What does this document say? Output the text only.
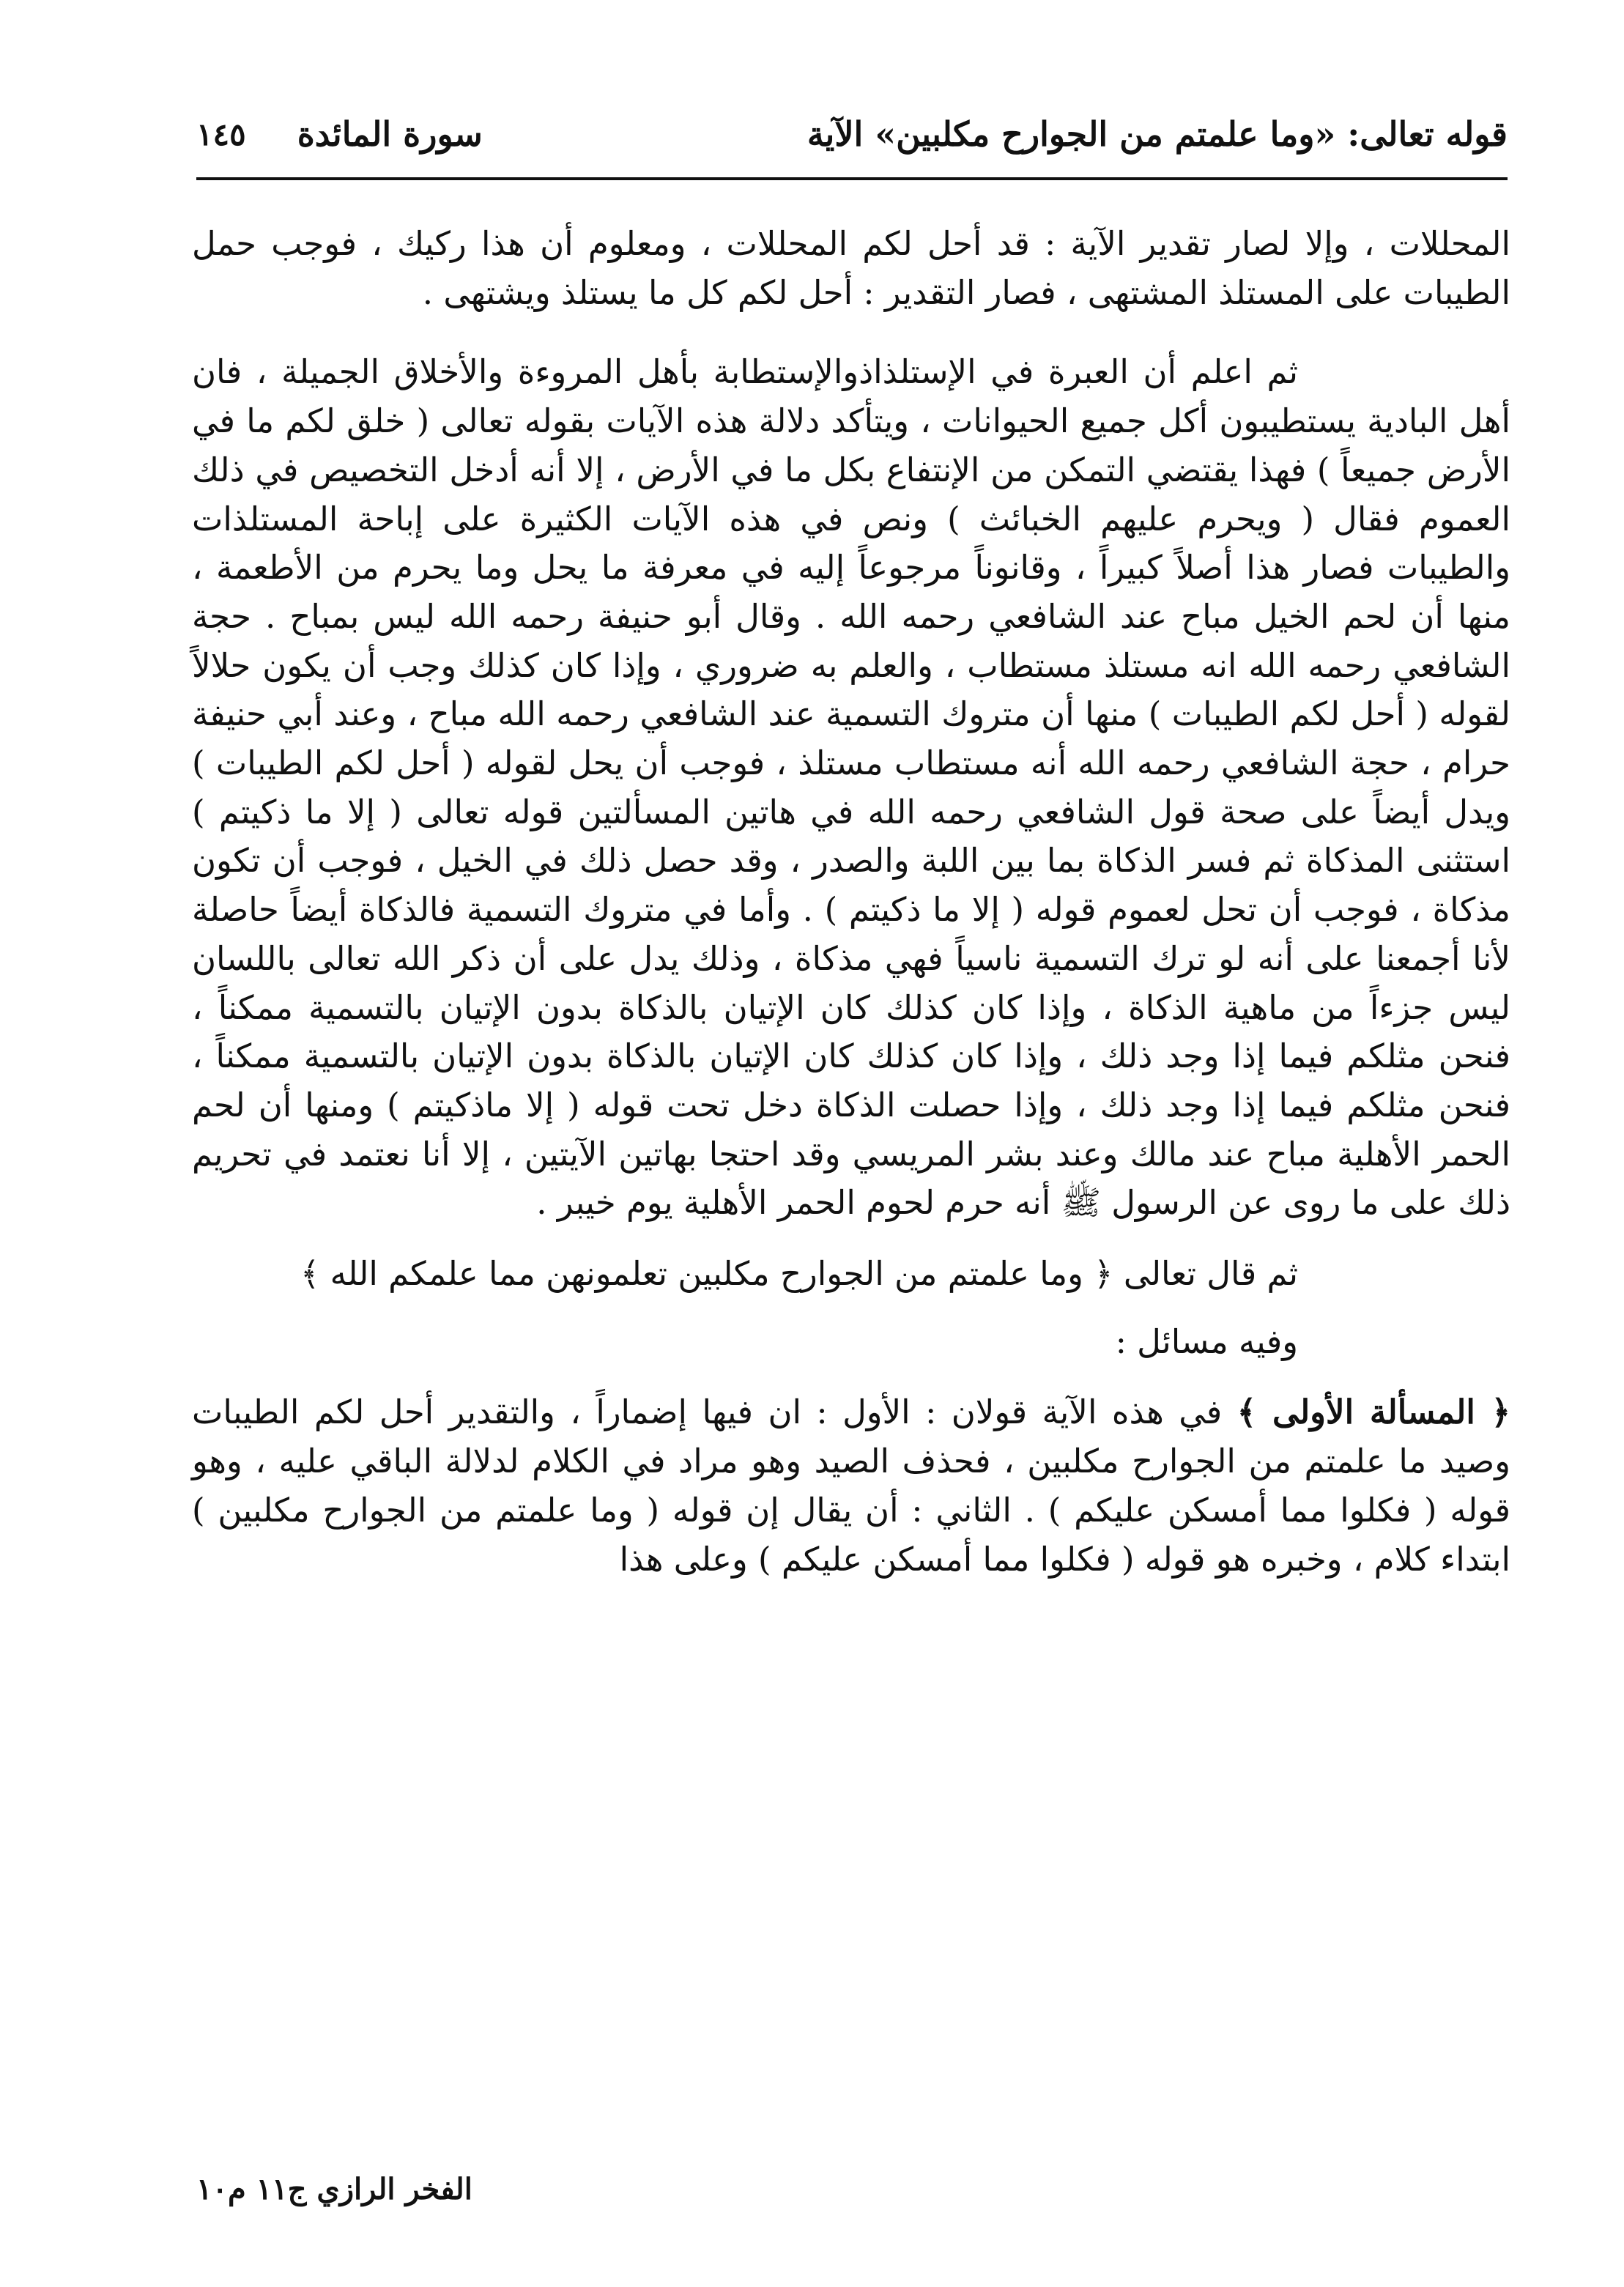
قوله تعالى: «وما علمتم من الجوارح مكلبين» الآية
سورة المائدة
١٤٥

المحللات ، وإلا لصار تقدير الآية : قد أحل لكم المحللات ، ومعلوم أن هذا ركيك ، فوجب حمل الطيبات على المستلذ المشتهى ، فصار التقدير : أحل لكم كل ما يستلذ ويشتهى .

ثم اعلم أن العبرة في الإستلذاذوالإستطابة بأهل المروءة والأخلاق الجميلة ، فان أهل البادية يستطيبون أكل جميع الحيوانات ، ويتأكد دلالة هذه الآيات بقوله تعالى ( خلق لكم ما في الأرض جميعاً ) فهذا يقتضي التمكن من الإنتفاع بكل ما في الأرض ، إلا أنه أدخل التخصيص في ذلك العموم فقال ( ويحرم عليهم الخبائث ) ونص في هذه الآيات الكثيرة على إباحة المستلذات والطيبات فصار هذا أصلاً كبيراً ، وقانوناً مرجوعاً إليه في معرفة ما يحل وما يحرم من الأطعمة ، منها أن لحم الخيل مباح عند الشافعي رحمه الله . وقال أبو حنيفة رحمه الله ليس بمباح . حجة الشافعي رحمه الله انه مستلذ مستطاب ، والعلم به ضروري ، وإذا كان كذلك وجب أن يكون حلالاً لقوله ( أحل لكم الطيبات ) منها أن متروك التسمية عند الشافعي رحمه الله مباح ، وعند أبي حنيفة حرام ، حجة الشافعي رحمه الله أنه مستطاب مستلذ ، فوجب أن يحل لقوله ( أحل لكم الطيبات ) ويدل أيضاً على صحة قول الشافعي رحمه الله في هاتين المسألتين قوله تعالى ( إلا ما ذكيتم ) استثنى المذكاة ثم فسر الذكاة بما بين اللبة والصدر ، وقد حصل ذلك في الخيل ، فوجب أن تكون مذكاة ، فوجب أن تحل لعموم قوله ( إلا ما ذكيتم ) . وأما في متروك التسمية فالذكاة أيضاً حاصلة لأنا أجمعنا على أنه لو ترك التسمية ناسياً فهي مذكاة ، وذلك يدل على أن ذكر الله تعالى باللسان ليس جزءاً من ماهية الذكاة ، وإذا كان كذلك كان الإتيان بالذكاة بدون الإتيان بالتسمية ممكناً ، فنحن مثلكم فيما إذا وجد ذلك ، وإذا كان كذلك كان الإتيان بالذكاة بدون الإتيان بالتسمية ممكناً ، فنحن مثلكم فيما إذا وجد ذلك ، وإذا حصلت الذكاة دخل تحت قوله ( إلا ماذكيتم ) ومنها أن لحم الحمر الأهلية مباح عند مالك وعند بشر المريسي وقد احتجا بهاتين الآيتين ، إلا أنا نعتمد في تحريم ذلك على ما روى عن الرسول ﷺ أنه حرم لحوم الحمر الأهلية يوم خيبر .

ثم قال تعالى ﴿ وما علمتم من الجوارح مكلبين تعلمونهن مما علمكم الله ﴾

وفيه مسائل :

﴿ المسألة الأولى ﴾ في هذه الآية قولان : الأول : ان فيها إضماراً ، والتقدير أحل لكم الطيبات وصيد ما علمتم من الجوارح مكلبين ، فحذف الصيد وهو مراد في الكلام لدلالة الباقي عليه ، وهو قوله ( فكلوا مما أمسكن عليكم ) . الثاني : أن يقال إن قوله ( وما علمتم من الجوارح مكلبين ) ابتداء كلام ، وخبره هو قوله ( فكلوا مما أمسكن عليكم ) وعلى هذا

الفخر الرازي ج١١ م١٠
